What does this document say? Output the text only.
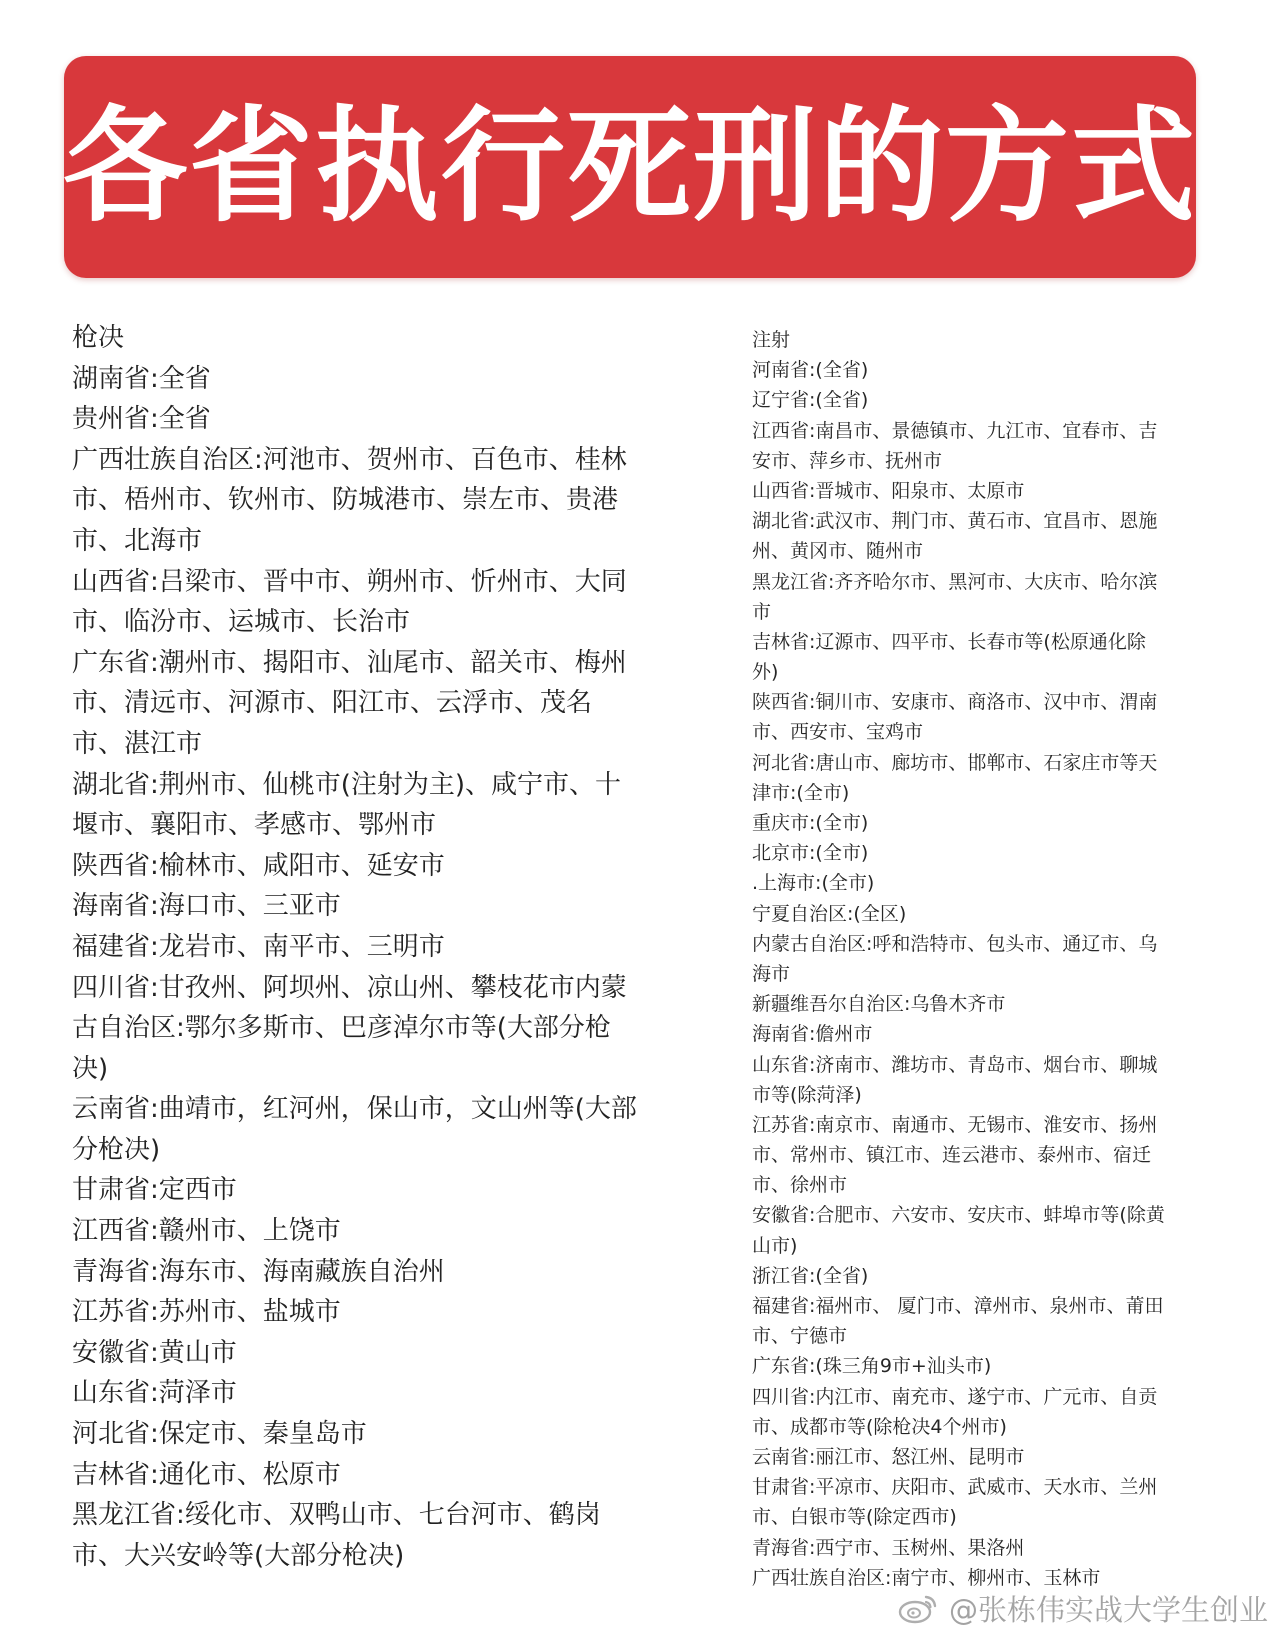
各省执行死刑的方式
枪决
湖南省:全省
贵州省:全省
广西壮族自治区:河池市、贺州市、百色市、桂林
市、梧州市、钦州市、防城港市、崇左市、贵港
市、北海市
山西省:吕梁市、晋中市、朔州市、忻州市、大同
市、临汾市、运城市、长治市
广东省:潮州市、揭阳市、汕尾市、韶关市、梅州
市、清远市、河源市、阳江市、云浮市、茂名
市、湛江市
湖北省:荆州市、仙桃市(注射为主)、咸宁市、十
堰市、襄阳市、孝感市、鄂州市
陕西省:榆林市、咸阳市、延安市
海南省:海口市、三亚市
福建省:龙岩市、南平市、三明市
四川省:甘孜州、阿坝州、凉山州、攀枝花市内蒙
古自治区:鄂尔多斯市、巴彦淖尔市等(大部分枪
决)
云南省:曲靖市，红河州，保山市，文山州等(大部
分枪决)
甘肃省:定西市
江西省:赣州市、上饶市
青海省:海东市、海南藏族自治州
江苏省:苏州市、盐城市
安徽省:黄山市
山东省:菏泽市
河北省:保定市、秦皇岛市
吉林省:通化市、松原市
黑龙江省:绥化市、双鸭山市、七台河市、鹤岗
市、大兴安岭等(大部分枪决)
注射
河南省:(全省)
辽宁省:(全省)
江西省:南昌市、景德镇市、九江市、宜春市、吉
安市、萍乡市、抚州市
山西省:晋城市、阳泉市、太原市
湖北省:武汉市、荆门市、黄石市、宜昌市、恩施
州、黄冈市、随州市
黑龙江省:齐齐哈尔市、黑河市、大庆市、哈尔滨
市
吉林省:辽源市、四平市、长春市等(松原通化除
外)
陕西省:铜川市、安康市、商洛市、汉中市、渭南
市、西安市、宝鸡市
河北省:唐山市、廊坊市、邯郸市、石家庄市等天
津市:(全市)
重庆市:(全市)
北京市:(全市)
.上海市:(全市)
宁夏自治区:(全区)
内蒙古自治区:呼和浩特市、包头市、通辽市、乌
海市
新疆维吾尔自治区:乌鲁木齐市
海南省:儋州市
山东省:济南市、潍坊市、青岛市、烟台市、聊城
市等(除菏泽)
江苏省:南京市、南通市、无锡市、淮安市、扬州
市、常州市、镇江市、连云港市、泰州市、宿迁
市、徐州市
安徽省:合肥市、六安市、安庆市、蚌埠市等(除黄
山市)
浙江省:(全省)
福建省:福州市、 厦门市、漳州市、泉州市、莆田
市、宁德市
广东省:(珠三角9市+汕头市)
四川省:内江市、南充市、遂宁市、广元市、自贡
市、成都市等(除枪决4个州市)
云南省:丽江市、怒江州、昆明市
甘肃省:平凉市、庆阳市、武威市、天水市、兰州
市、白银市等(除定西市)
青海省:西宁市、玉树州、果洛州
广西壮族自治区:南宁市、柳州市、玉林市
@张栋伟实战大学生创业
